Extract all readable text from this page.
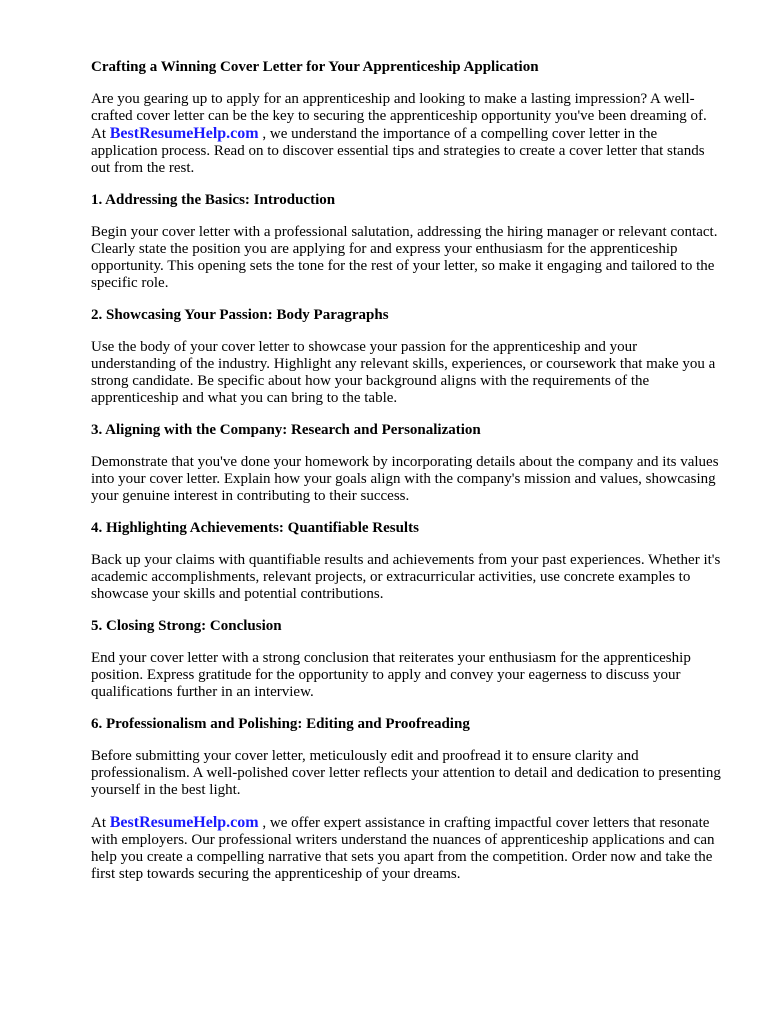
Crafting a Winning Cover Letter for Your Apprenticeship Application

Are you gearing up to apply for an apprenticeship and looking to make a lasting impression? A well-crafted cover letter can be the key to securing the apprenticeship opportunity you've been dreaming of. At BestResumeHelp.com , we understand the importance of a compelling cover letter in the application process. Read on to discover essential tips and strategies to create a cover letter that stands out from the rest.

1. Addressing the Basics: Introduction

Begin your cover letter with a professional salutation, addressing the hiring manager or relevant contact. Clearly state the position you are applying for and express your enthusiasm for the apprenticeship opportunity. This opening sets the tone for the rest of your letter, so make it engaging and tailored to the specific role.

2. Showcasing Your Passion: Body Paragraphs

Use the body of your cover letter to showcase your passion for the apprenticeship and your understanding of the industry. Highlight any relevant skills, experiences, or coursework that make you a strong candidate. Be specific about how your background aligns with the requirements of the apprenticeship and what you can bring to the table.

3. Aligning with the Company: Research and Personalization

Demonstrate that you've done your homework by incorporating details about the company and its values into your cover letter. Explain how your goals align with the company's mission and values, showcasing your genuine interest in contributing to their success.

4. Highlighting Achievements: Quantifiable Results

Back up your claims with quantifiable results and achievements from your past experiences. Whether it's academic accomplishments, relevant projects, or extracurricular activities, use concrete examples to showcase your skills and potential contributions.

5. Closing Strong: Conclusion

End your cover letter with a strong conclusion that reiterates your enthusiasm for the apprenticeship position. Express gratitude for the opportunity to apply and convey your eagerness to discuss your qualifications further in an interview.

6. Professionalism and Polishing: Editing and Proofreading

Before submitting your cover letter, meticulously edit and proofread it to ensure clarity and professionalism. A well-polished cover letter reflects your attention to detail and dedication to presenting yourself in the best light.

At BestResumeHelp.com , we offer expert assistance in crafting impactful cover letters that resonate with employers. Our professional writers understand the nuances of apprenticeship applications and can help you create a compelling narrative that sets you apart from the competition. Order now and take the first step towards securing the apprenticeship of your dreams.
